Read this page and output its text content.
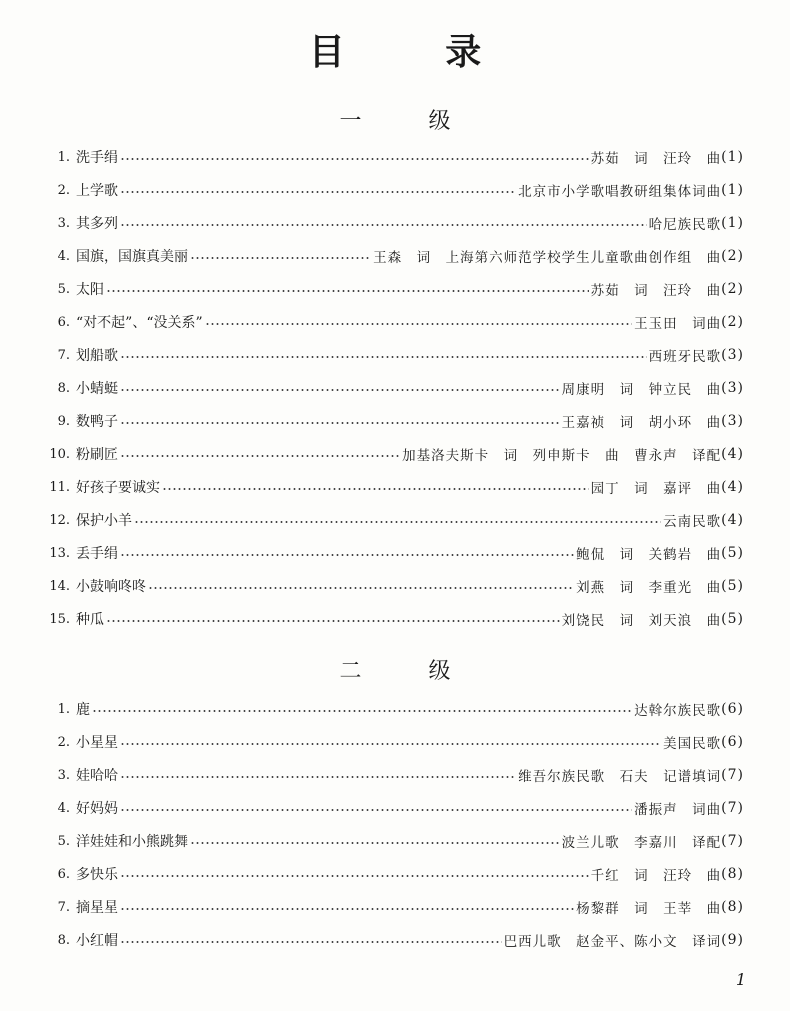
目 录
一 级
1. 洗手绢	苏茹　词　汪玲　曲 (1)
2. 上学歌	北京市小学歌唱教研组集体词曲 (1)
3. 其多列	哈尼族民歌 (1)
4. 国旗，国旗真美丽	王森　词　上海第六师范学校学生儿童歌曲创作组　曲 (2)
5. 太阳	苏茹　词　汪玲　曲 (2)
6. “对不起”、“没关系”	王玉田　词曲 (2)
7. 划船歌	西班牙民歌 (3)
8. 小蜻蜓	周康明　词　钟立民　曲 (3)
9. 数鸭子	王嘉祯　词　胡小环　曲 (3)
10. 粉刷匠	加基洛夫斯卡　词　列申斯卡　曲　曹永声　译配 (4)
11. 好孩子要诚实	园丁　词　嘉评　曲 (4)
12. 保护小羊	云南民歌 (4)
13. 丢手绢	鲍侃　词　关鹤岩　曲 (5)
14. 小鼓响咚咚	刘燕　词　李重光　曲 (5)
15. 种瓜	刘饶民　词　刘天浪　曲 (5)
二 级
1. 鹿	达斡尔族民歌 (6)
2. 小星星	美国民歌 (6)
3. 娃哈哈	维吾尔族民歌　石夫　记谱填词 (7)
4. 好妈妈	潘振声　词曲 (7)
5. 洋娃娃和小熊跳舞	波兰儿歌　李嘉川　译配 (7)
6. 多快乐	千红　词　汪玲　曲 (8)
7. 摘星星	杨黎群　词　王莘　曲 (8)
8. 小红帽	巴西儿歌　赵金平、陈小文　译词 (9)
1
